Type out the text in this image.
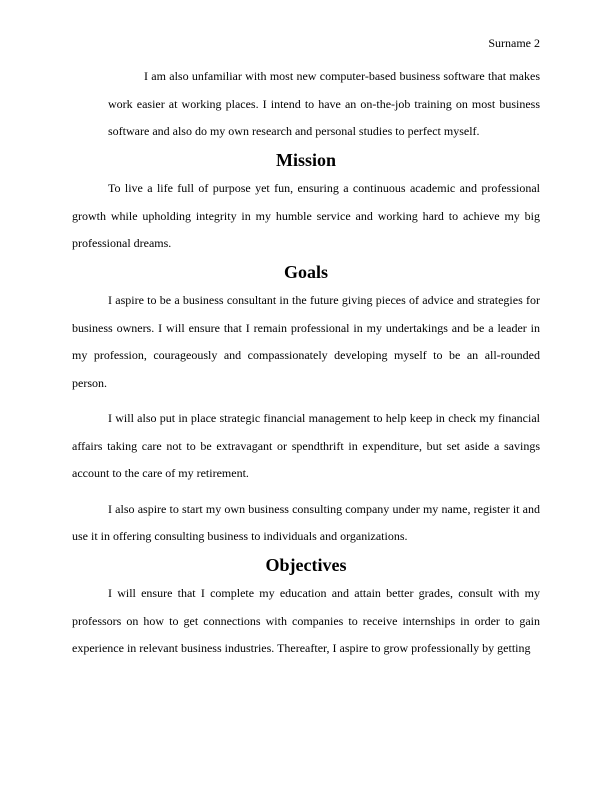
Surname 2

I am also unfamiliar with most new computer-based business software that makes work easier at working places. I intend to have an on-the-job training on most business software and also do my own research and personal studies to perfect myself.

Mission

To live a life full of purpose yet fun, ensuring a continuous academic and professional growth while upholding integrity in my humble service and working hard to achieve my big professional dreams.

Goals

I aspire to be a business consultant in the future giving pieces of advice and strategies for business owners. I will ensure that I remain professional in my undertakings and be a leader in my profession, courageously and compassionately developing myself to be an all-rounded person.

I will also put in place strategic financial management to help keep in check my financial affairs taking care not to be extravagant or spendthrift in expenditure, but set aside a savings account to the care of my retirement.

I also aspire to start my own business consulting company under my name, register it and use it in offering consulting business to individuals and organizations.

Objectives

I will ensure that I complete my education and attain better grades, consult with my professors on how to get connections with companies to receive internships in order to gain experience in relevant business industries. Thereafter, I aspire to grow professionally by getting
